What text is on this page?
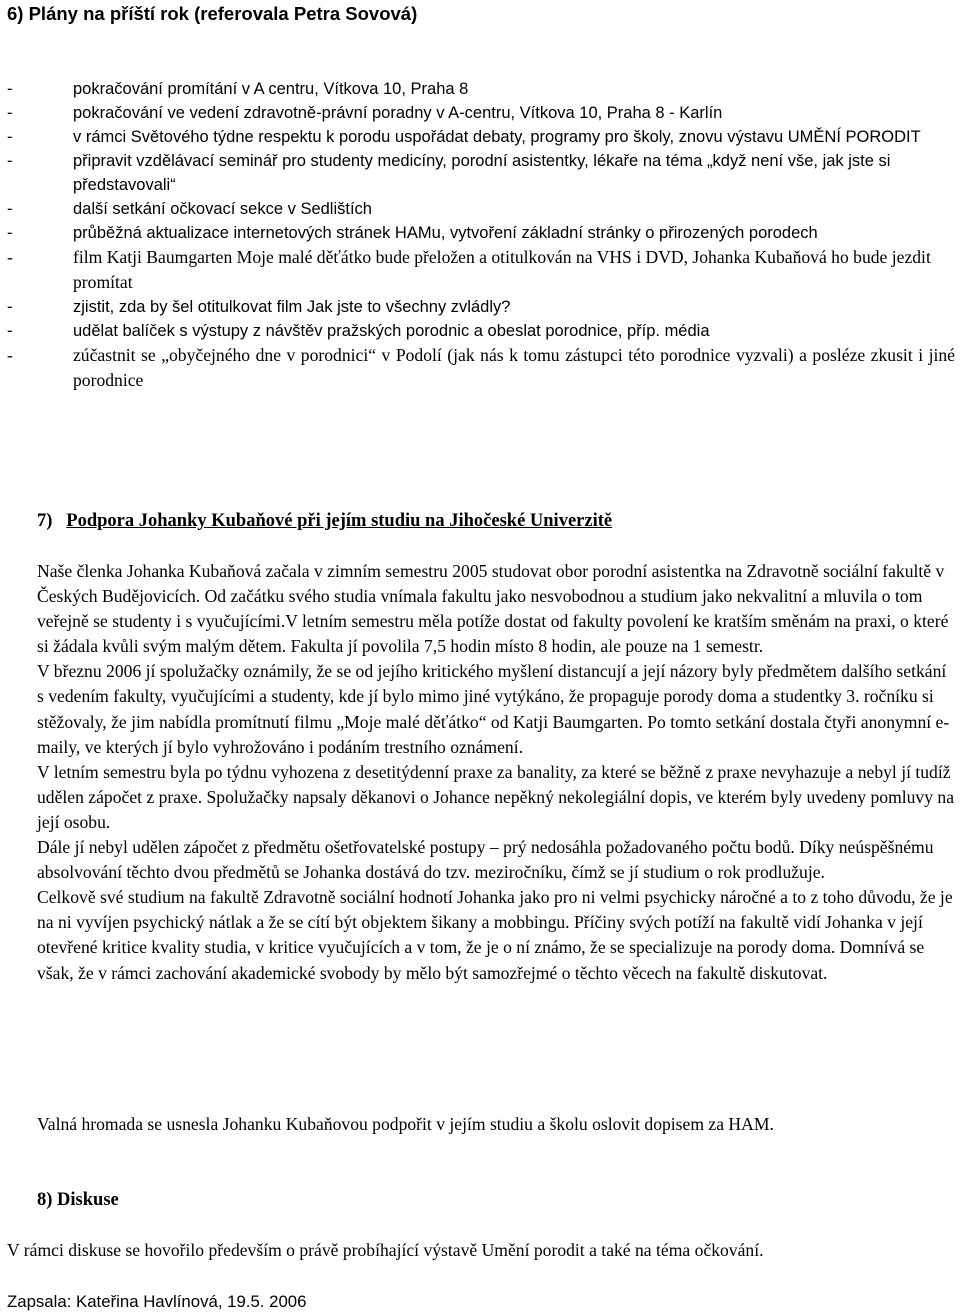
6) Plány na příští rok (referovala Petra Sovová)
-	pokračování promítání v A centru, Vítkova 10, Praha 8
-	pokračování ve vedení zdravotně-právní poradny v A-centru, Vítkova 10, Praha 8 - Karlín
-	v rámci Světového týdne respektu k porodu uspořádat debaty, programy pro školy, znovu výstavu UMĚNÍ PORODIT
-	připravit vzdělávací seminář pro studenty medicíny, porodní asistentky, lékaře na téma „když není vše, jak jste si představovali“
-	další setkání očkovací sekce v Sedlištích
-	průběžná aktualizace internetových stránek HAMu, vytvoření základní stránky o přirozených porodech
-	film Katji Baumgarten Moje malé děťátko bude přeložen a otitulkován na VHS i DVD, Johanka Kubaňová ho bude jezdit promítat
-	zjistit, zda by šel otitulkovat film Jak jste to všechny zvládly?
-	udělat balíček s výstupy z návštěv pražských porodnic a obeslat porodnice, příp. média
-	zúčastnit se „obyčejného dne v porodnici“ v Podolí (jak nás k tomu zástupci této porodnice vyzvali) a posléze zkusit i jiné porodnice
7) Podpora Johanky Kubaňové při jejím studiu na Jihočeské Univerzitě

Naše členka Johanka Kubaňová začala v zimním semestru 2005 studovat obor porodní asistentka na Zdravotně sociální fakultě v Českých Budějovicích. Od začátku svého studia vnímala fakultu jako nesvobodnou a studium jako nekvalitní a mluvila o tom veřejně se studenty i s vyučujícími.V letním semestru měla potíže dostat od fakulty povolení ke kratším směnám na praxi, o které si žádala kvůli svým malým dětem. Fakulta jí povolila 7,5 hodin místo 8 hodin, ale pouze na 1 semestr.

V březnu 2006 jí spolužačky oznámily, že se od jejího kritického myšlení distancují a její názory byly předmětem dalšího setkání s vedením fakulty, vyučujícími a studenty, kde jí bylo mimo jiné vytýkáno, že propaguje porody doma a studentky 3. ročníku si stěžovaly, že jim nabídla promítnutí filmu „Moje malé děťátko“ od Katji Baumgarten. Po tomto setkání dostala čtyři anonymní e-maily, ve kterých jí bylo vyhrožováno i podáním trestního oznámení.

V letním semestru byla po týdnu vyhozena z desetitýdenní praxe za banality, za které se běžně z praxe nevyhazuje a nebyl jí tudíž udělen zápočet z praxe. Spolužačky napsaly děkanovi o Johance nepěkný nekolegiální dopis, ve kterém byly uvedeny pomluvy na její osobu.

Dále jí nebyl udělen zápočet z předmětu ošetřovatelské postupy – prý nedosáhla požadovaného počtu bodů. Díky neúspěšnému absolvování těchto dvou předmětů se Johanka dostává do tzv. meziročníku, čímž se jí studium o rok prodlužuje.

Celkově své studium na fakultě Zdravotně sociální hodnotí Johanka jako pro ni velmi psychicky náročné a to z toho důvodu, že je na ni vyvíjen psychický nátlak a že se cítí být objektem šikany a mobbingu. Příčiny svých potíží na fakultě vidí Johanka v její otevřené kritice kvality studia, v kritice vyučujících a v tom, že je o ní známo, že se specializuje na porody doma. Domnívá se však, že v rámci zachování akademické svobody by mělo být samozřejmé o těchto věcech na fakultě diskutovat.

Valná hromada se usnesla Johanku Kubaňovou podpořit v jejím studiu a školu oslovit dopisem za HAM.
8) Diskuse
V rámci diskuse se hovořilo především o právě probíhající výstavě Umění porodit a také na téma očkování.
Zapsala: Kateřina Havlínová, 19.5. 2006
